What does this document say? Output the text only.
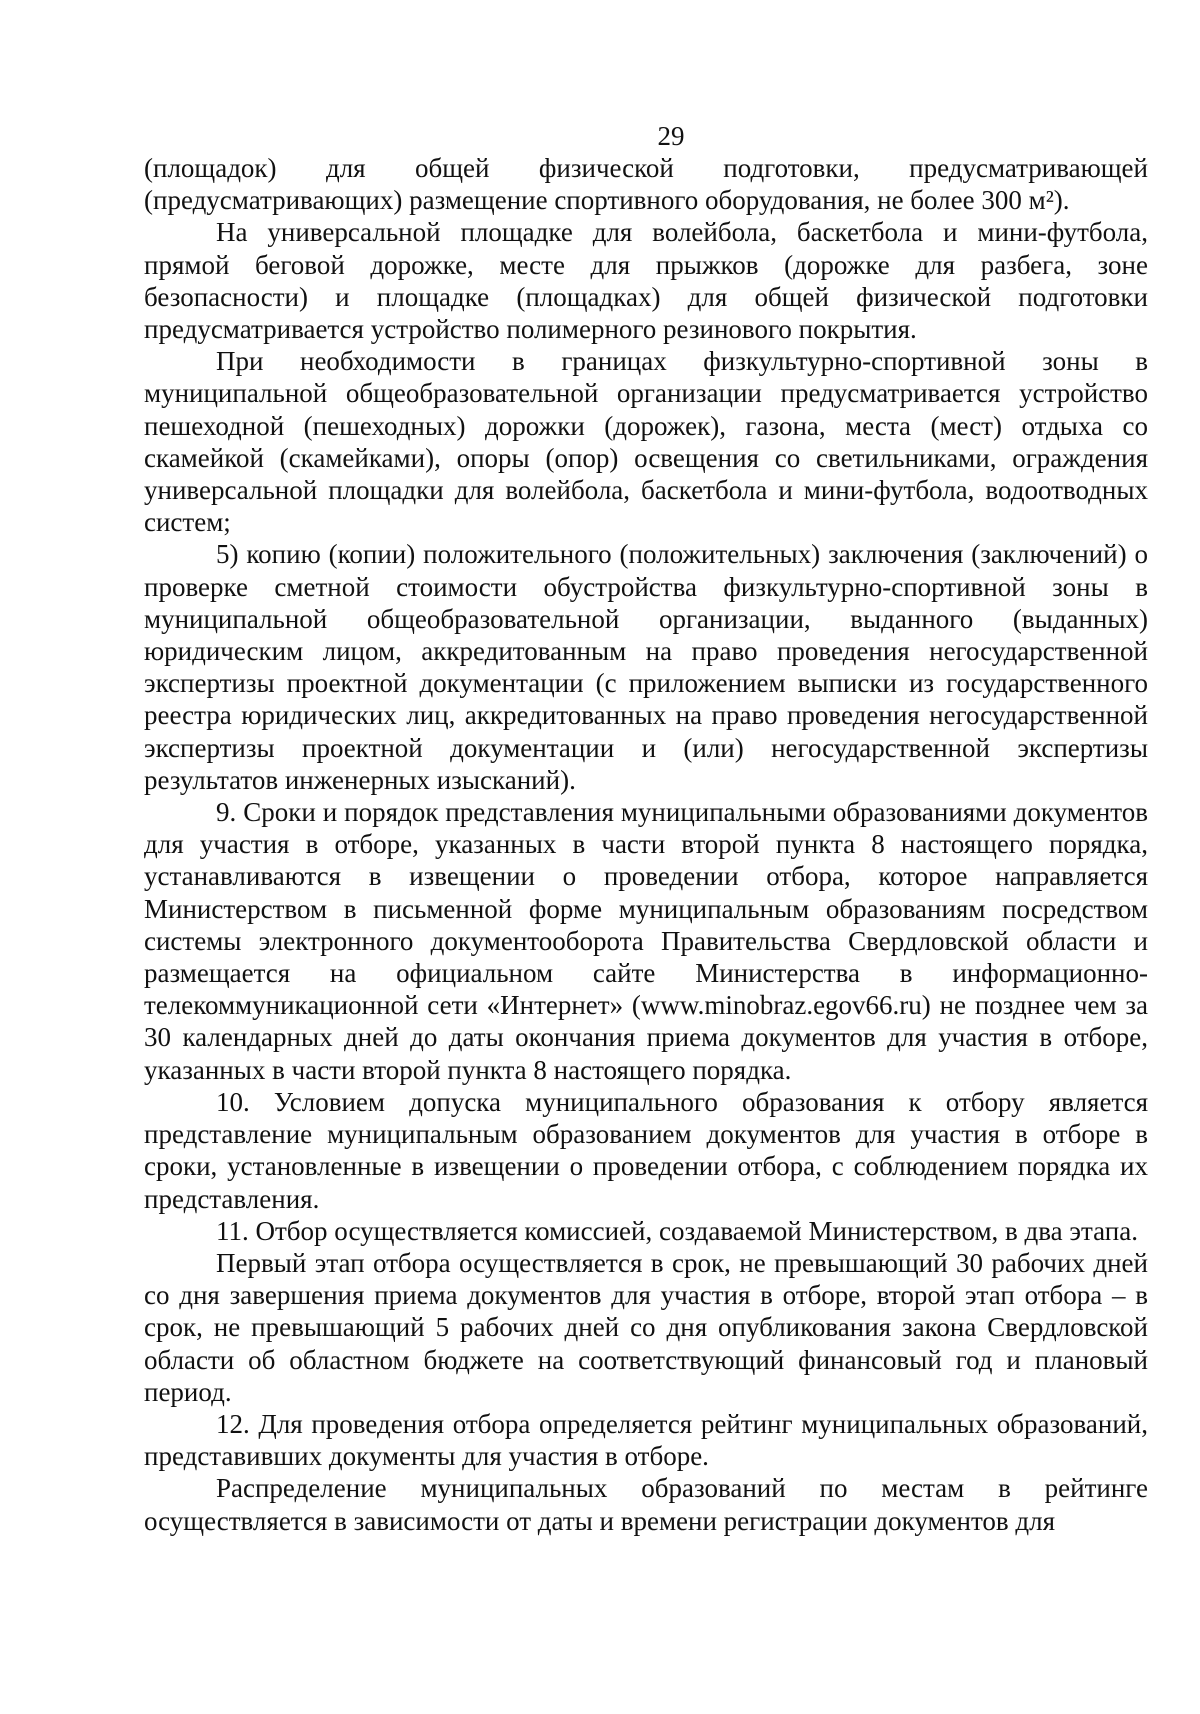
29

(площадок) для общей физической подготовки, предусматривающей (предусматривающих) размещение спортивного оборудования, не более 300 м²).

На универсальной площадке для волейбола, баскетбола и мини-футбола, прямой беговой дорожке, месте для прыжков (дорожке для разбега, зоне безопасности) и площадке (площадках) для общей физической подготовки предусматривается устройство полимерного резинового покрытия.

При необходимости в границах физкультурно-спортивной зоны в муниципальной общеобразовательной организации предусматривается устройство пешеходной (пешеходных) дорожки (дорожек), газона, места (мест) отдыха со скамейкой (скамейками), опоры (опор) освещения со светильниками, ограждения универсальной площадки для волейбола, баскетбола и мини-футбола, водоотводных систем;

5) копию (копии) положительного (положительных) заключения (заключений) о проверке сметной стоимости обустройства физкультурно-спортивной зоны в муниципальной общеобразовательной организации, выданного (выданных) юридическим лицом, аккредитованным на право проведения негосударственной экспертизы проектной документации (с приложением выписки из государственного реестра юридических лиц, аккредитованных на право проведения негосударственной экспертизы проектной документации и (или) негосударственной экспертизы результатов инженерных изысканий).

9. Сроки и порядок представления муниципальными образованиями документов для участия в отборе, указанных в части второй пункта 8 настоящего порядка, устанавливаются в извещении о проведении отбора, которое направляется Министерством в письменной форме муниципальным образованиям посредством системы электронного документооборота Правительства Свердловской области и размещается на официальном сайте Министерства в информационно-телекоммуникационной сети «Интернет» (www.minobraz.egov66.ru) не позднее чем за 30 календарных дней до даты окончания приема документов для участия в отборе, указанных в части второй пункта 8 настоящего порядка.

10. Условием допуска муниципального образования к отбору является представление муниципальным образованием документов для участия в отборе в сроки, установленные в извещении о проведении отбора, с соблюдением порядка их представления.

11. Отбор осуществляется комиссией, создаваемой Министерством, в два этапа.

Первый этап отбора осуществляется в срок, не превышающий 30 рабочих дней со дня завершения приема документов для участия в отборе, второй этап отбора – в срок, не превышающий 5 рабочих дней со дня опубликования закона Свердловской области об областном бюджете на соответствующий финансовый год и плановый период.

12. Для проведения отбора определяется рейтинг муниципальных образований, представивших документы для участия в отборе.

Распределение муниципальных образований по местам в рейтинге осуществляется в зависимости от даты и времени регистрации документов для
